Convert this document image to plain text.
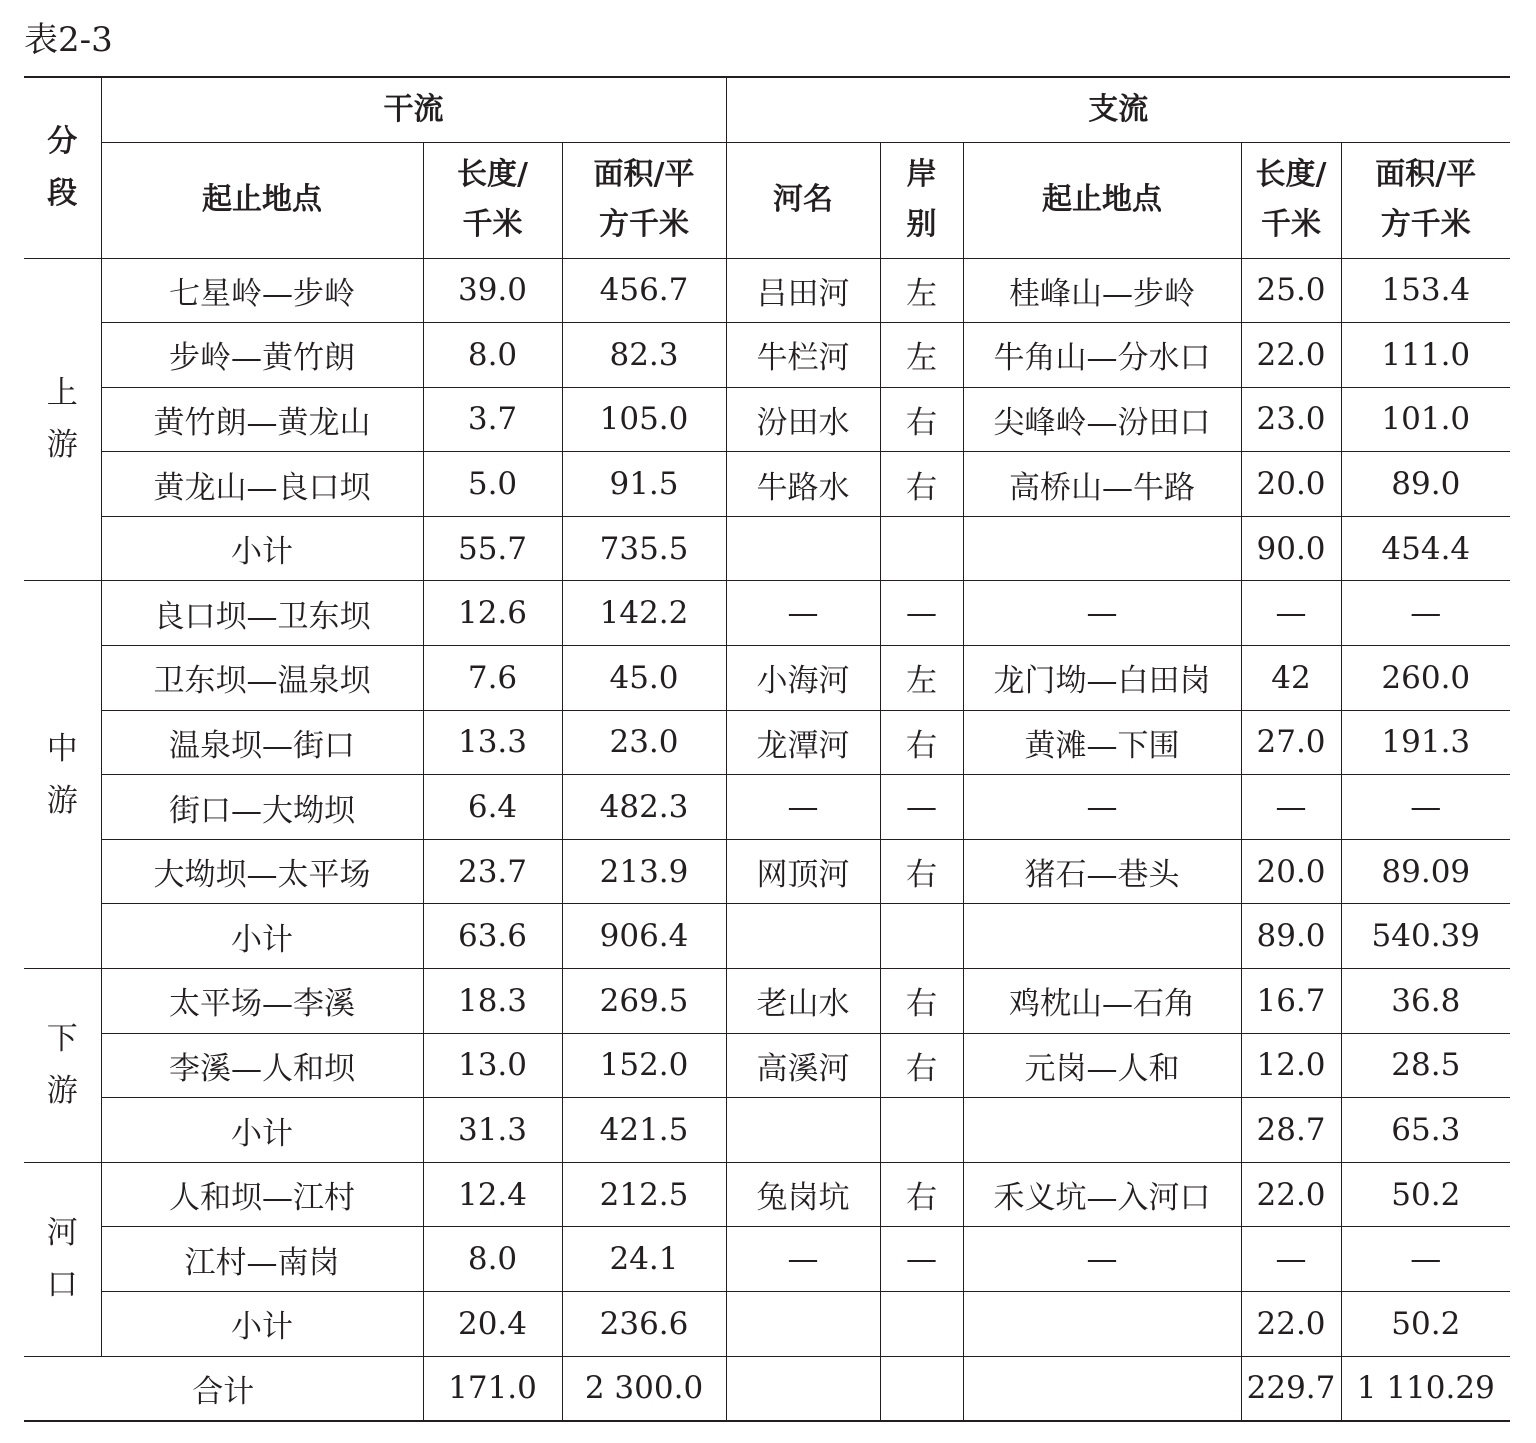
表2-3
分段	干流			支流				
	起止地点	长度/千米	面积/平方千米	河名	岸别	起止地点	长度/千米	面积/平方千米
上游	七星岭—步岭	39.0	456.7	吕田河	左	桂峰山—步岭	25.0	153.4
	步岭—黄竹朗	8.0	82.3	牛栏河	左	牛角山—分水口	22.0	111.0
	黄竹朗—黄龙山	3.7	105.0	汾田水	右	尖峰岭—汾田口	23.0	101.0
	黄龙山—良口坝	5.0	91.5	牛路水	右	高桥山—牛路	20.0	89.0
	小计	55.7	735.5				90.0	454.4
中游	良口坝—卫东坝	12.6	142.2	—	—	—	—	—
	卫东坝—温泉坝	7.6	45.0	小海河	左	龙门坳—白田岗	42	260.0
	温泉坝—街口	13.3	23.0	龙潭河	右	黄滩—下围	27.0	191.3
	街口—大坳坝	6.4	482.3	—	—	—	—	—
	大坳坝—太平场	23.7	213.9	网顶河	右	猪石—巷头	20.0	89.09
	小计	63.6	906.4				89.0	540.39
下游	太平场—李溪	18.3	269.5	老山水	右	鸡枕山—石角	16.7	36.8
	李溪—人和坝	13.0	152.0	高溪河	右	元岗—人和	12.0	28.5
	小计	31.3	421.5				28.7	65.3
河口	人和坝—江村	12.4	212.5	兔岗坑	右	禾义坑—入河口	22.0	50.2
	江村—南岗	8.0	24.1	—	—	—	—	—
	小计	20.4	236.6				22.0	50.2
合计		171.0	2 300.0				229.7	1 110.29
